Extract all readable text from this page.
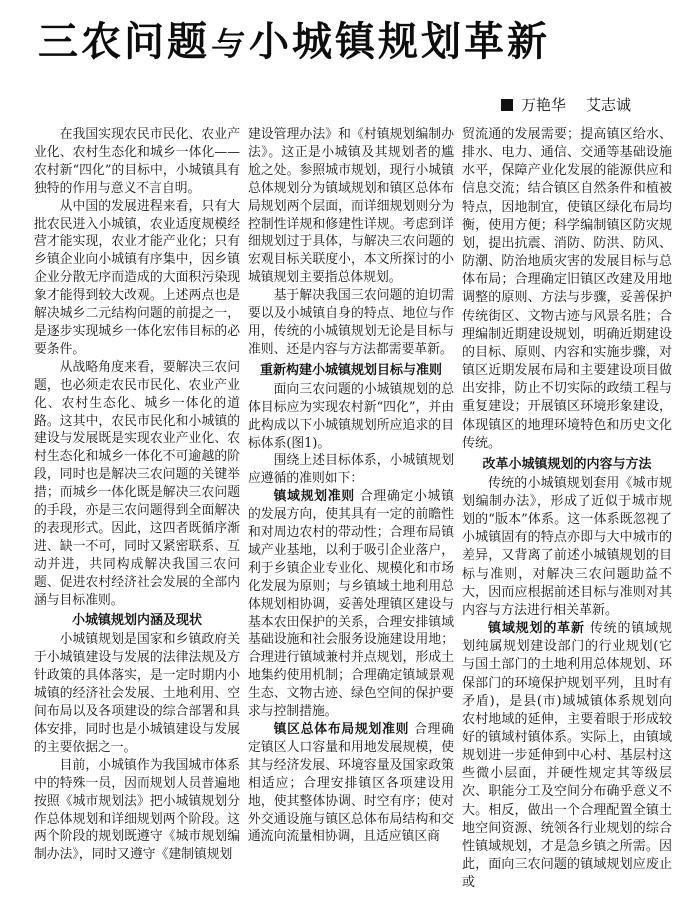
三农问题与小城镇规划革新
万艳华 艾志诚

在我国实现农民市民化、农业产业化、农村生态化和城乡一体化——农村新“四化”的目标中，小城镇具有独特的作用与意义不言自明。

从中国的发展进程来看，只有大批农民进入小城镇，农业适度规模经营才能实现，农业才能产业化；只有乡镇企业向小城镇有序集中，因乡镇企业分散无序而造成的大面积污染现象才能得到较大改观。上述两点也是解决城乡二元结构问题的前提之一，是逐步实现城乡一体化宏伟目标的必要条件。

从战略角度来看，要解决三农问题，也必须走农民市民化、农业产业化、农村生态化、城乡一体化的道路。这其中，农民市民化和小城镇的建设与发展既是实现农业产业化、农村生态化和城乡一体化不可逾越的阶段，同时也是解决三农问题的关键举措；而城乡一体化既是解决三农问题的手段，亦是三农问题得到全面解决的表现形式。因此，这四者既循序渐进、缺一不可，同时又紧密联系、互动并进，共同构成解决我国三农问题、促进农村经济社会发展的全部内涵与目标准则。

小城镇规划内涵及现状

小城镇规划是国家和乡镇政府关于小城镇建设与发展的法律法规及方针政策的具体落实，是一定时期内小城镇的经济社会发展、土地利用、空间布局以及各项建设的综合部署和具体安排，同时也是小城镇建设与发展的主要依据之一。

目前，小城镇作为我国城市体系中的特殊一员，因而规划人员普遍地按照《城市规划法》把小城镇规划分作总体规划和详细规划两个阶段。这两个阶段的规划既遵守《城市规划编制办法》，同时又遵守《建制镇规划

建设管理办法》和《村镇规划编制办法》。这正是小城镇及其规划者的尴尬之处。参照城市规划，现行小城镇总体规划分为镇域规划和镇区总体布局规划两个层面，而详细规划则分为控制性详规和修建性详规。考虑到详细规划过于具体，与解决三农问题的宏观目标关联度小，本文所探讨的小城镇规划主要指总体规划。

基于解决我国三农问题的迫切需要以及小城镇自身的特点、地位与作用，传统的小城镇规划无论是目标与准则、还是内容与方法都需要革新。

重新构建小城镇规划目标与准则

面向三农问题的小城镇规划的总体目标应为实现农村新“四化”，并由此构成以下小城镇规划所应追求的目标体系(图1)。

围绕上述目标体系，小城镇规划应遵循的准则如下：

镇域规划准则 合理确定小城镇的发展方向，使其具有一定的前瞻性和对周边农村的带动性；合理布局镇域产业基地，以利于吸引企业落户，利于乡镇企业专业化、规模化和市场化发展为原则；与乡镇域土地利用总体规划相协调，妥善处理镇区建设与基本农田保护的关系，合理安排镇域基础设施和社会服务设施建设用地；合理进行镇域兼村并点规划，形成土地集约使用机制；合理确定镇域景观生态、文物古迹、绿色空间的保护要求与控制措施。

镇区总体布局规划准则 合理确定镇区人口容量和用地发展规模，使其与经济发展、环境容量及国家政策相适应；合理安排镇区各项建设用地，使其整体协调、时空有序；使对外交通设施与镇区总体布局结构和交通流向流量相协调，且适应镇区商

贸流通的发展需要；提高镇区给水、排水、电力、通信、交通等基础设施水平，保障产业化发展的能源供应和信息交流；结合镇区自然条件和植被特点，因地制宜，使镇区绿化布局均衡，使用方便；科学编制镇区防灾规划，提出抗震、消防、防洪、防风、防潮、防治地质灾害的发展目标与总体布局；合理确定旧镇区改建及用地调整的原则、方法与步骤，妥善保护传统街区、文物古迹与风景名胜；合理编制近期建设规划，明确近期建设的目标、原则、内容和实施步骤，对镇区近期发展布局和主要建设项目做出安排，防止不切实际的政绩工程与重复建设；开展镇区环境形象建设，体现镇区的地理环境特色和历史文化传统。

改革小城镇规划的内容与方法

传统的小城镇规划套用《城市规划编制办法》，形成了近似于城市规划的“版本”体系。这一体系既忽视了小城镇固有的特点亦即与大中城市的差异，又背离了前述小城镇规划的目标与准则，对解决三农问题助益不大，因而应根据前述目标与准则对其内容与方法进行相关革新。

镇域规划的革新 传统的镇域规划纯属规划建设部门的行业规划(它与国土部门的土地利用总体规划、环保部门的环境保护规划平列，且时有矛盾)，是县(市)域城镇体系规划向农村地域的延伸，主要着眼于形成较好的镇域村镇体系。实际上，由镇域规划进一步延伸到中心村、基层村这些微小层面，并硬性规定其等级层次、职能分工及空间分布确乎意义不大。相反，做出一个合理配置全镇土地空间资源、统领各行业规划的综合性镇域规划，才是急乡镇之所需。因此，面向三农问题的镇域规划应废止或
